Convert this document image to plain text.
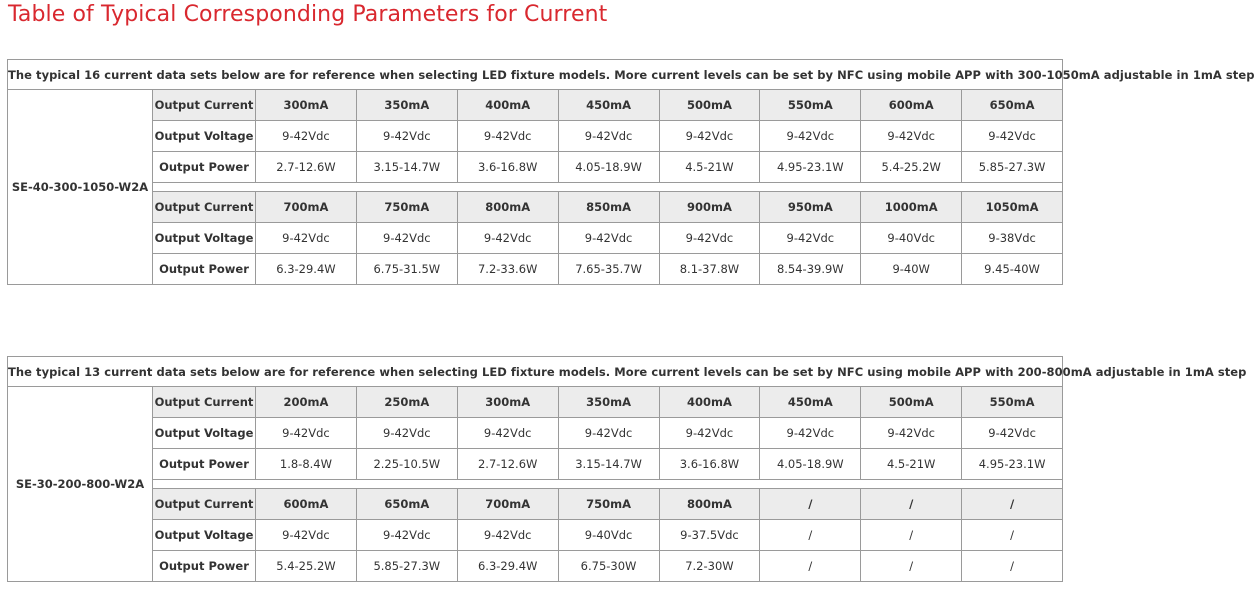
Table of Typical Corresponding Parameters for Current
The typical 16 current data sets below are for reference when selecting LED fixture models. More current levels can be set by NFC using mobile APP with 300-1050mA adjustable in 1mA step									
SE-40-300-1050-W2A	Output Current	300mA	350mA	400mA	450mA	500mA	550mA	600mA	650mA
	Output Voltage	9-42Vdc	9-42Vdc	9-42Vdc	9-42Vdc	9-42Vdc	9-42Vdc	9-42Vdc	9-42Vdc
	Output Power	2.7-12.6W	3.15-14.7W	3.6-16.8W	4.05-18.9W	4.5-21W	4.95-23.1W	5.4-25.2W	5.85-27.3W

	Output Current	700mA	750mA	800mA	850mA	900mA	950mA	1000mA	1050mA
	Output Voltage	9-42Vdc	9-42Vdc	9-42Vdc	9-42Vdc	9-42Vdc	9-42Vdc	9-40Vdc	9-38Vdc
	Output Power	6.3-29.4W	6.75-31.5W	7.2-33.6W	7.65-35.7W	8.1-37.8W	8.54-39.9W	9-40W	9.45-40W
The typical 13 current data sets below are for reference when selecting LED fixture models. More current levels can be set by NFC using mobile APP with 200-800mA adjustable in 1mA step									
SE-30-200-800-W2A	Output Current	200mA	250mA	300mA	350mA	400mA	450mA	500mA	550mA
	Output Voltage	9-42Vdc	9-42Vdc	9-42Vdc	9-42Vdc	9-42Vdc	9-42Vdc	9-42Vdc	9-42Vdc
	Output Power	1.8-8.4W	2.25-10.5W	2.7-12.6W	3.15-14.7W	3.6-16.8W	4.05-18.9W	4.5-21W	4.95-23.1W

	Output Current	600mA	650mA	700mA	750mA	800mA	/	/	/
	Output Voltage	9-42Vdc	9-42Vdc	9-42Vdc	9-40Vdc	9-37.5Vdc	/	/	/
	Output Power	5.4-25.2W	5.85-27.3W	6.3-29.4W	6.75-30W	7.2-30W	/	/	/
